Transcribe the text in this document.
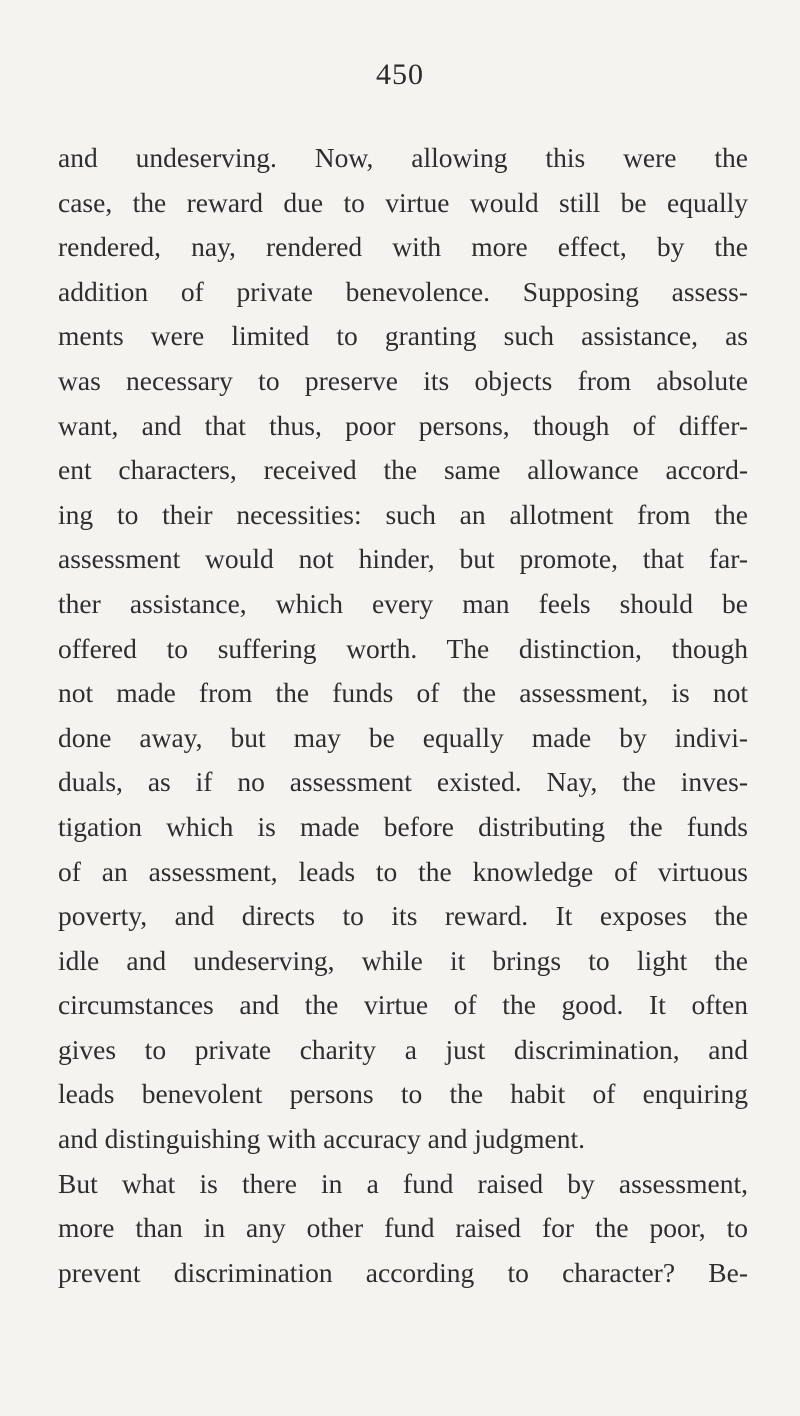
450
and undeserving. Now, allowing this were the
case, the reward due to virtue would still be equally
rendered, nay, rendered with more effect, by the
addition of private benevolence. Supposing assess-
ments were limited to granting such assistance, as
was necessary to preserve its objects from absolute
want, and that thus, poor persons, though of differ-
ent characters, received the same allowance accord-
ing to their necessities: such an allotment from the
assessment would not hinder, but promote, that far-
ther assistance, which every man feels should be
offered to suffering worth. The distinction, though
not made from the funds of the assessment, is not
done away, but may be equally made by indivi-
duals, as if no assessment existed. Nay, the inves-
tigation which is made before distributing the funds
of an assessment, leads to the knowledge of virtuous
poverty, and directs to its reward. It exposes the
idle and undeserving, while it brings to light the
circumstances and the virtue of the good. It often
gives to private charity a just discrimination, and
leads benevolent persons to the habit of enquiring
and distinguishing with accuracy and judgment.
But what is there in a fund raised by assessment,
more than in any other fund raised for the poor, to
prevent discrimination according to character? Be-
